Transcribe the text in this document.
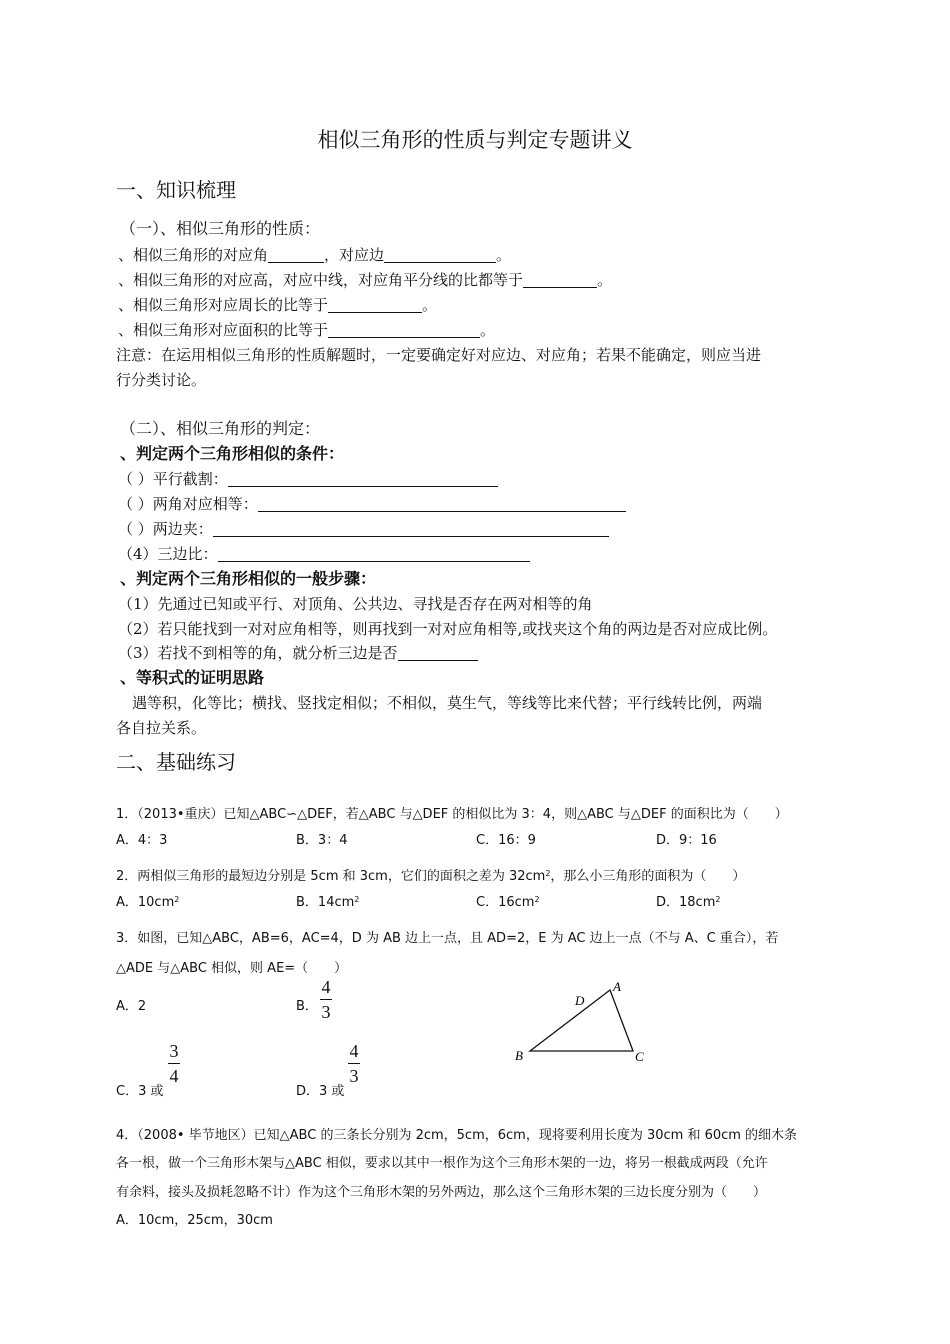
相似三角形的性质与判定专题讲义
一、知识梳理
（一）、相似三角形的性质：
、相似三角形的对应角	，对应边	。
、相似三角形的对应高，对应中线，对应角平分线的比都等于	。
、相似三角形对应周长的比等于	。
、相似三角形对应面积的比等于	。
注意：在运用相似三角形的性质解题时，一定要确定好对应边、对应角；若果不能确定，则应当进
行分类讨论。
（二）、相似三角形的判定：
、判定两个三角形相似的条件：
（ ）平行截割：
（ ）两角对应相等：
（ ）两边夹：
（4）三边比：
、判定两个三角形相似的一般步骤：
（1）先通过已知或平行、对顶角、公共边、寻找是否存在两对相等的角
（2）若只能找到一对对应角相等，则再找到一对对应角相等,或找夹这个角的两边是否对应成比例。
（3）若找不到相等的角，就分析三边是否
、等积式的证明思路
遇等积，化等比；横找、竖找定相似；不相似，莫生气，等线等比来代替；平行线转比例，两端
各自拉关系。
二、基础练习
1．（2013•重庆）已知△ABC∽△DEF，若△ABC 与△DEF 的相似比为 3：4，则△ABC 与△DEF 的面积比为（　　）
A．4：3	B．3：4	C．16：9	D．9：16
2．两相似三角形的最短边分别是 5cm 和 3cm，它们的面积之差为 $32cm^2$，那么小三角形的面积为（　　）
A．$10cm^2$	B．$14cm^2$	C．$16cm^2$	D．$18cm^2$
3．如图，已知△ABC，AB=6，AC=4，D 为 AB 边上一点，且 AD=2，E 为 AC 边上一点（不与 A、C 重合），若
△ADE 与△ABC 相似，则 AE=（　　）
A．2	B．
4
3
C．3 或
3
4
D．3 或
4
3
A
D
B	C
4．（2008• 毕节地区）已知△ABC 的三条长分别为 2cm，5cm，6cm，现将要利用长度为 30cm 和 60cm 的细木条
各一根，做一个三角形木架与△ABC 相似，要求以其中一根作为这个三角形木架的一边，将另一根截成两段（允许
有余料，接头及损耗忽略不计）作为这个三角形木架的另外两边，那么这个三角形木架的三边长度分别为（　　）
A．10cm，25cm，30cm
